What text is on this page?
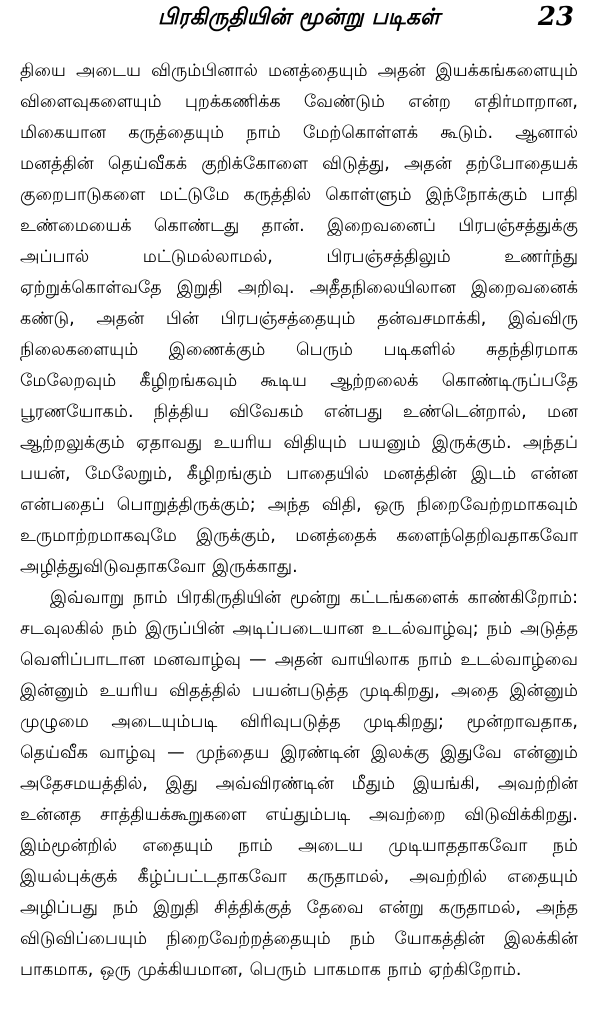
பிரகிருதியின் மூன்று படிகள்	23

தியை அடைய விரும்பினால் மனத்தையும் அதன் இயக்கங்களையும் விளைவுகளையும் புறக்கணிக்க வேண்டும் என்ற எதிர்மாறான, மிகையான கருத்தையும் நாம் மேற்கொள்ளக் கூடும். ஆனால் மனத்தின் தெய்வீகக் குறிக்கோளை விடுத்து, அதன் தற்போதையக் குறைபாடுகளை மட்டுமே கருத்தில் கொள்ளும் இந்நோக்கும் பாதி உண்மையைக் கொண்டது தான். இறைவனைப் பிரபஞ்சத்துக்கு அப்பால் மட்டுமல்லாமல், பிரபஞ்சத்திலும் உணர்ந்து ஏற்றுக்கொள்வதே இறுதி அறிவு. அதீதநிலையிலான இறைவனைக் கண்டு, அதன் பின் பிரபஞ்சத்தையும் தன்வசமாக்கி, இவ்விரு நிலைகளையும் இணைக்கும் பெரும் படிகளில் சுதந்திரமாக மேலேறவும் கீழிறங்கவும் கூடிய ஆற்றலைக் கொண்டிருப்பதே பூரணயோகம். நித்திய விவேகம் என்பது உண்டென்றால், மன ஆற்றலுக்கும் ஏதாவது உயரிய விதியும் பயனும் இருக்கும். அந்தப் பயன், மேலேறும், கீழிறங்கும் பாதையில் மனத்தின் இடம் என்ன என்பதைப் பொறுத்திருக்கும்; அந்த விதி, ஒரு நிறைவேற்றமாகவும் உருமாற்றமாகவுமே இருக்கும், மனத்தைக் களைந்தெறிவதாகவோ அழித்துவிடுவதாகவோ இருக்காது.

இவ்வாறு நாம் பிரகிருதியின் மூன்று கட்டங்களைக் காண்கிறோம்: சடவுலகில் நம் இருப்பின் அடிப்படையான உடல்வாழ்வு; நம் அடுத்த வெளிப்பாடான மனவாழ்வு — அதன் வாயிலாக நாம் உடல்வாழ்வை இன்னும் உயரிய விதத்தில் பயன்படுத்த முடிகிறது, அதை இன்னும் முழுமை அடையும்படி விரிவுபடுத்த முடிகிறது; மூன்றாவதாக, தெய்வீக வாழ்வு — முந்தைய இரண்டின் இலக்கு இதுவே என்னும் அதேசமயத்தில், இது அவ்விரண்டின் மீதும் இயங்கி, அவற்றின் உன்னத சாத்தியக்கூறுகளை எய்தும்படி அவற்றை விடுவிக்கிறது. இம்மூன்றில் எதையும் நாம் அடைய முடியாததாகவோ நம் இயல்புக்குக் கீழ்ப்பட்டதாகவோ கருதாமல், அவற்றில் எதையும் அழிப்பது நம் இறுதி சித்திக்குத் தேவை என்று கருதாமல், அந்த விடுவிப்பையும் நிறைவேற்றத்தையும் நம் யோகத்தின் இலக்கின் பாகமாக, ஒரு முக்கியமான, பெரும் பாகமாக நாம் ஏற்கிறோம்.
